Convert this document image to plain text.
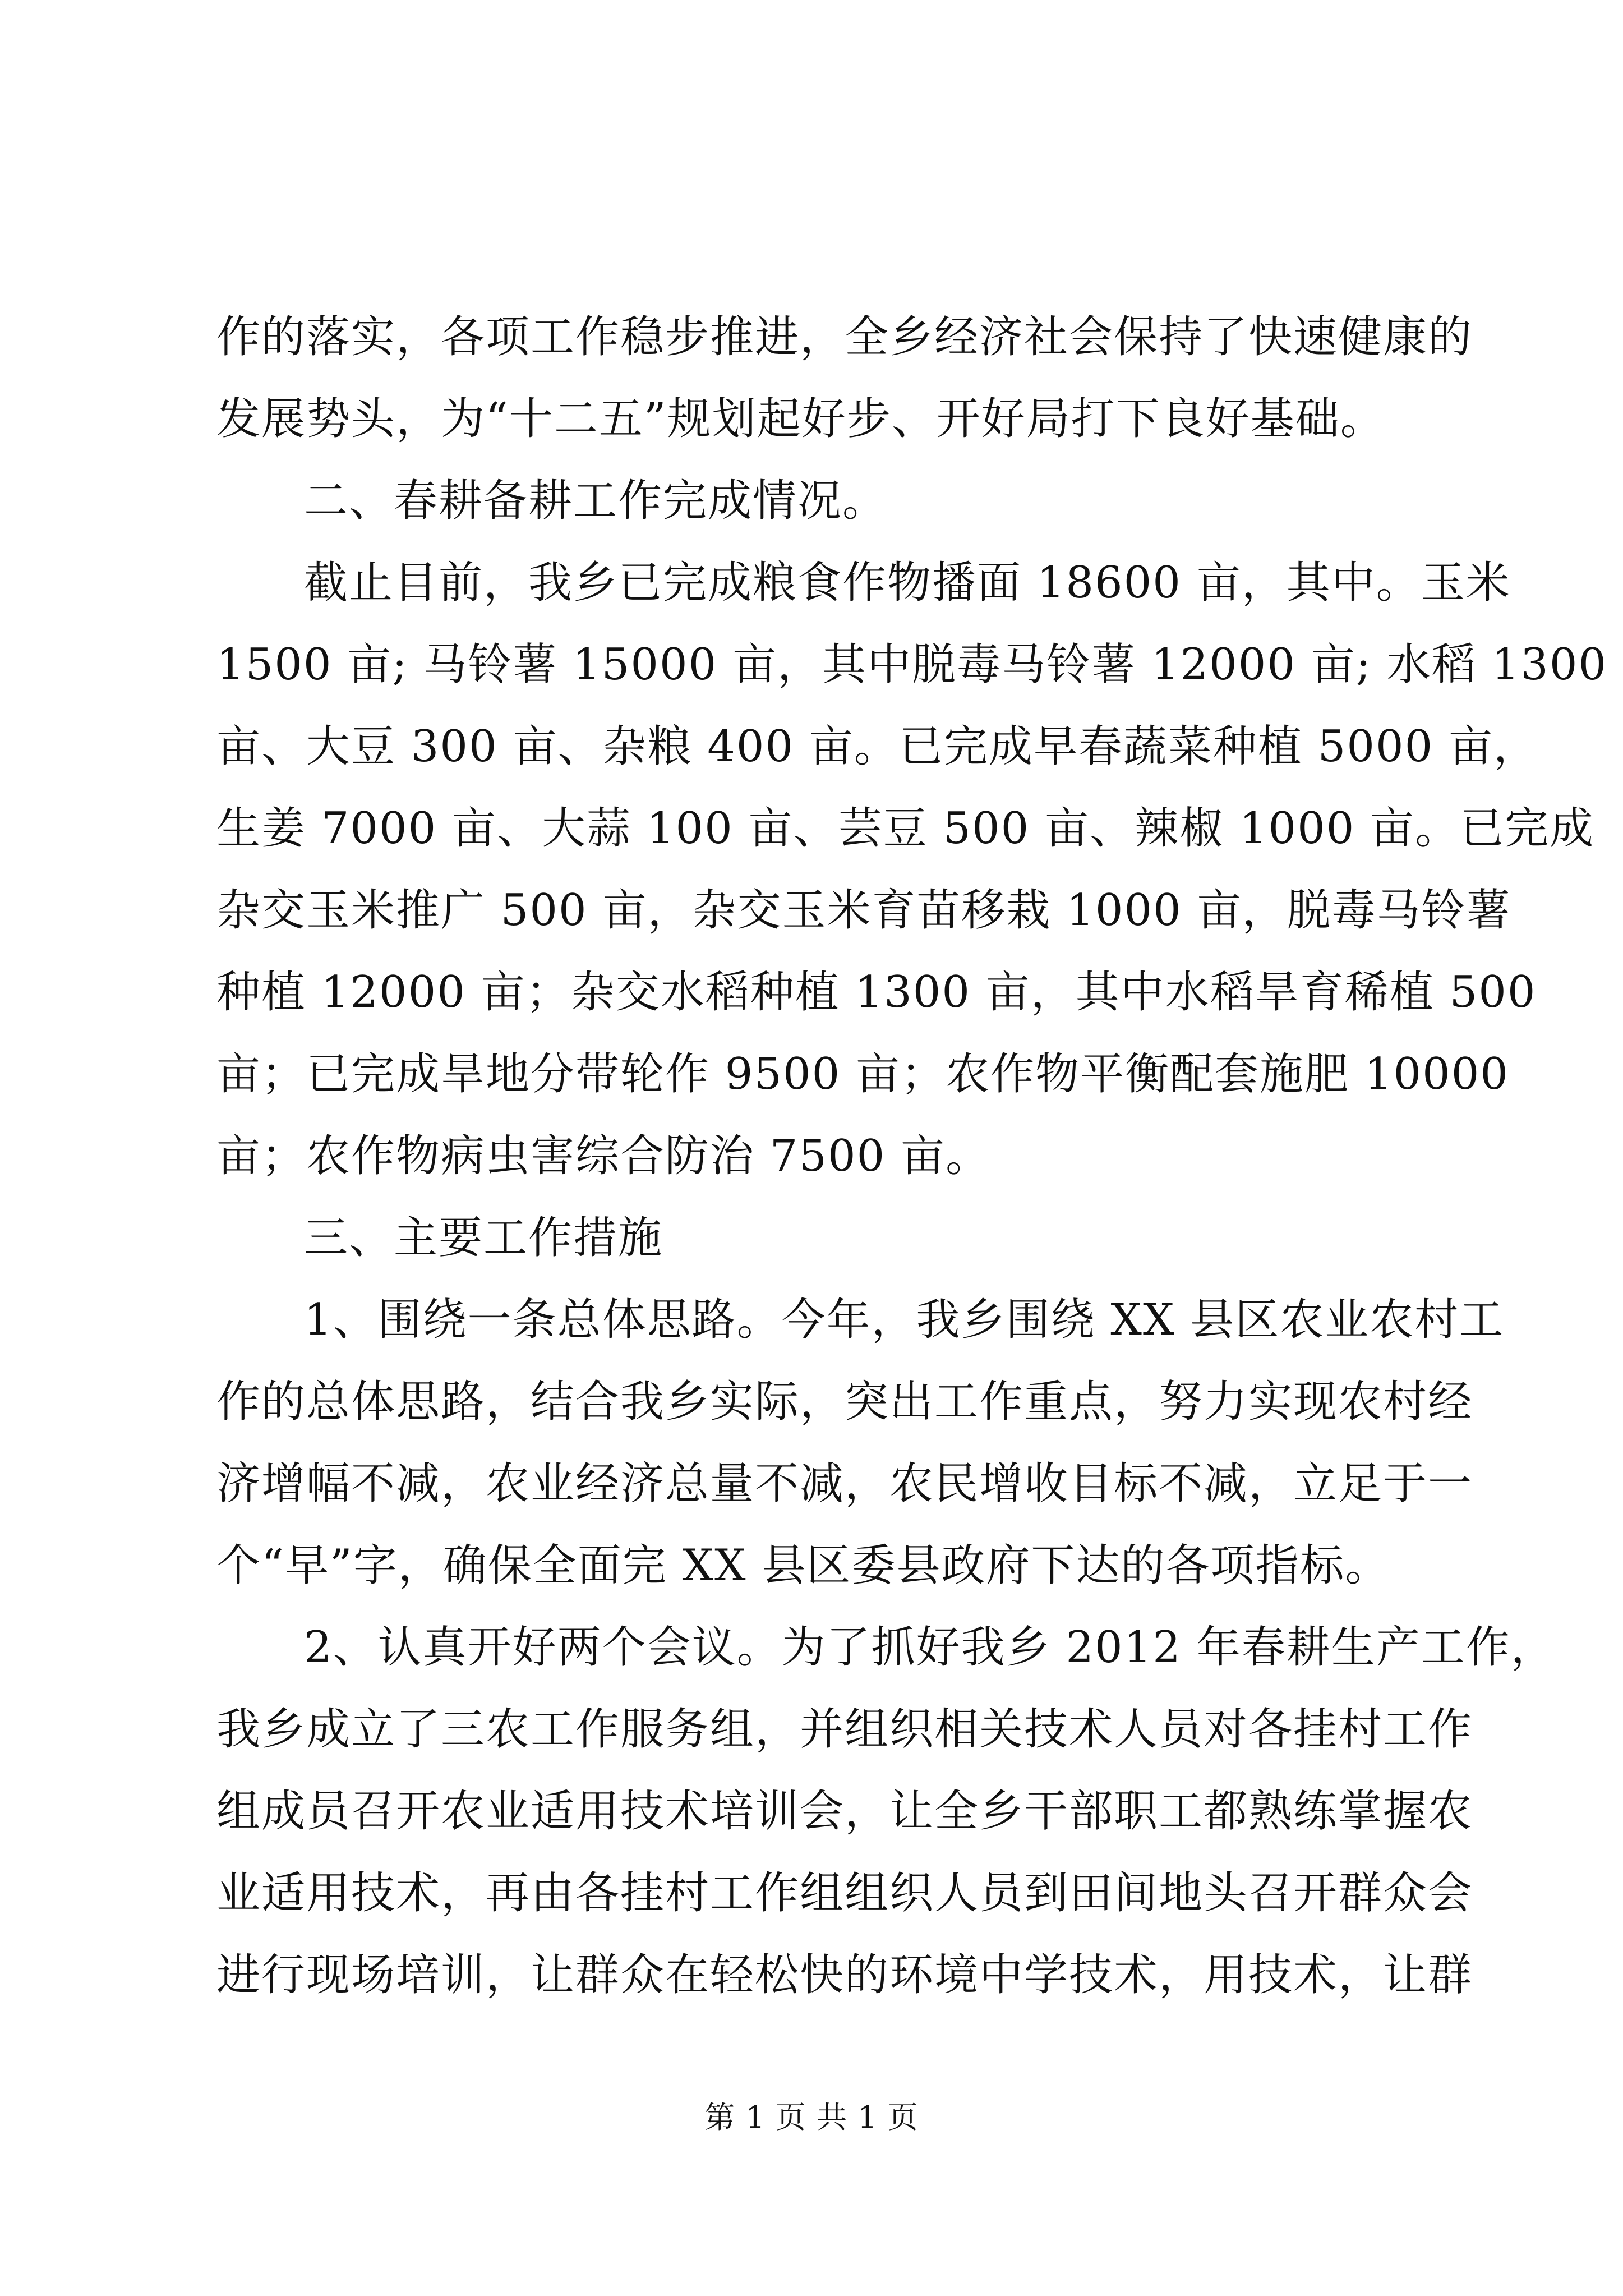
作的落实，各项工作稳步推进，全乡经济社会保持了快速健康的
发展势头，为“十二五”规划起好步、开好局打下良好基础。
二、春耕备耕工作完成情况。
截止目前，我乡已完成粮食作物播面 18600 亩，其中。玉米
1500 亩; 马铃薯 15000 亩，其中脱毒马铃薯 12000 亩; 水稻 1300
亩、大豆 300 亩、杂粮 400 亩。已完成早春蔬菜种植 5000 亩，
生姜 7000 亩、大蒜 100 亩、芸豆 500 亩、辣椒 1000 亩。已完成
杂交玉米推广 500 亩，杂交玉米育苗移栽 1000 亩，脱毒马铃薯
种植 12000 亩；杂交水稻种植 1300 亩，其中水稻旱育稀植 500
亩；已完成旱地分带轮作 9500 亩；农作物平衡配套施肥 10000
亩；农作物病虫害综合防治 7500 亩。
三、主要工作措施
1、围绕一条总体思路。今年，我乡围绕 XX 县区农业农村工
作的总体思路，结合我乡实际，突出工作重点，努力实现农村经
济增幅不减，农业经济总量不减，农民增收目标不减，立足于一
个“早”字，确保全面完 XX 县区委县政府下达的各项指标。
2、认真开好两个会议。为了抓好我乡 2012 年春耕生产工作，
我乡成立了三农工作服务组，并组织相关技术人员对各挂村工作
组成员召开农业适用技术培训会，让全乡干部职工都熟练掌握农
业适用技术，再由各挂村工作组组织人员到田间地头召开群众会
进行现场培训，让群众在轻松快的环境中学技术，用技术，让群
第 1 页 共 1 页
